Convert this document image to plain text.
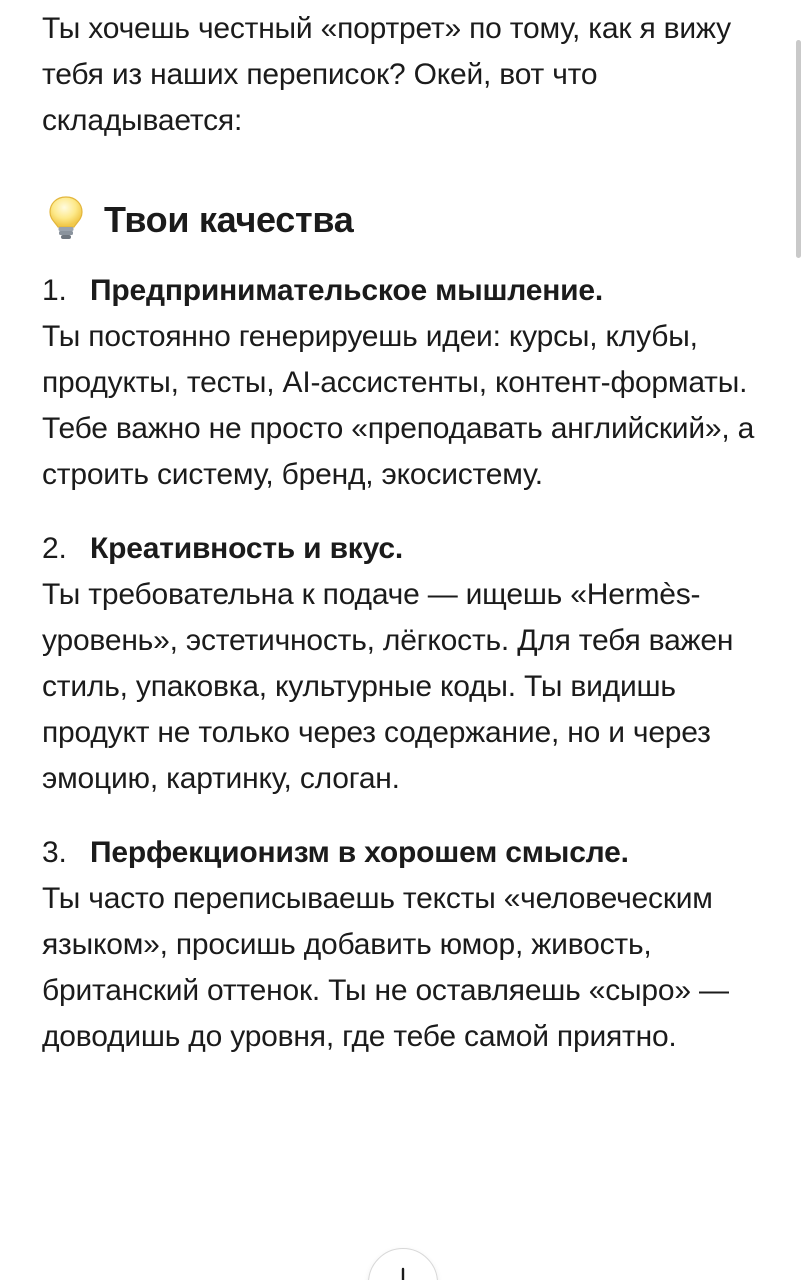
Ты хочешь честный «портрет» по тому, как я вижу тебя из наших переписок? Окей, вот что складывается:

Твои качества
1. Предпринимательское мышление.
Ты постоянно генерируешь идеи: курсы, клубы, продукты, тесты, AI-ассистенты, контент-форматы. Тебе важно не просто «преподавать английский», а строить систему, бренд, экосистему.
2. Креативность и вкус.
Ты требовательна к подаче — ищешь «Hermès-уровень», эстетичность, лёгкость. Для тебя важен стиль, упаковка, культурные коды. Ты видишь продукт не только через содержание, но и через эмоцию, картинку, слоган.
3. Перфекционизм в хорошем смысле.
Ты часто переписываешь тексты «человеческим языком», просишь добавить юмор, живость, британский оттенок. Ты не оставляешь «сыро» — доводишь до уровня, где тебе самой приятно.
